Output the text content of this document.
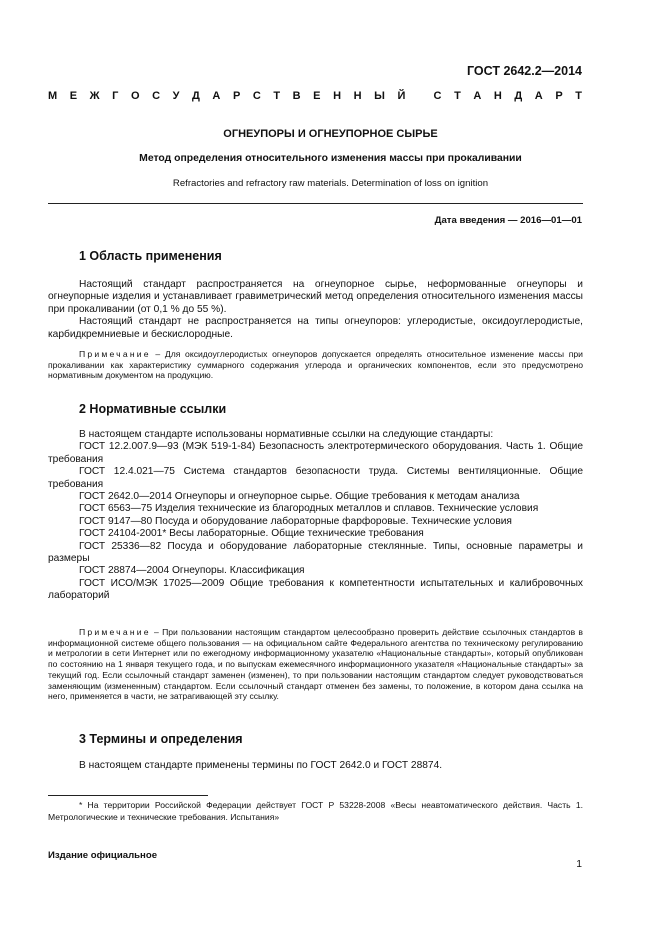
ГОСТ 2642.2—2014
М Е Ж Г О С У Д А Р С Т В Е Н Н Ы Й
	С Т А Н Д А Р Т
ОГНЕУПОРЫ И ОГНЕУПОРНОЕ СЫРЬЕ
Метод определения относительного изменения массы при прокаливании
Refractories and refractory raw materials. Determination of loss on ignition
Дата введения — 2016—01—01
1 Область применения

Настоящий стандарт распространяется на огнеупорное сырье, неформованные огнеупоры и огнеупорные изделия и устанавливает гравиметрический метод определения относительного изменения массы при прокаливании (от 0,1 % до 55 %).

Настоящий стандарт не распространяется на типы огнеупоров: углеродистые, оксидоуглеродистые, карбидкремниевые и бескислородные.

Примечание – Для оксидоуглеродистых огнеупоров допускается определять относительное изменение массы при прокаливании как характеристику суммарного содержания углерода и органических компонентов, если это предусмотрено нормативным документом на продукцию.

2 Нормативные ссылки

В настоящем стандарте использованы нормативные ссылки на следующие стандарты:

ГОСТ 12.2.007.9—93 (МЭК 519-1-84) Безопасность электротермического оборудования. Часть 1. Общие требования

ГОСТ 12.4.021—75 Система стандартов безопасности труда. Системы вентиляционные. Общие требования

ГОСТ 2642.0—2014 Огнеупоры и огнеупорное сырье. Общие требования к методам анализа

ГОСТ 6563—75 Изделия технические из благородных металлов и сплавов. Технические условия

ГОСТ 9147—80 Посуда и оборудование лабораторные фарфоровые. Технические условия

ГОСТ 24104-2001* Весы лабораторные. Общие технические требования

ГОСТ 25336—82 Посуда и оборудование лабораторные стеклянные. Типы, основные параметры и размеры

ГОСТ 28874—2004 Огнеупоры. Классификация

ГОСТ ИСО/МЭК 17025—2009 Общие требования к компетентности испытательных и калибровочных лабораторий

Примечание – При пользовании настоящим стандартом целесообразно проверить действие ссылочных стандартов в информационной системе общего пользования — на официальном сайте Федерального агентства по техническому регулированию и метрологии в сети Интернет или по ежегодному информационному указателю «Национальные стандарты», который опубликован по состоянию на 1 января текущего года, и по выпускам ежемесячного информационного указателя «Национальные стандарты» за текущий год. Если ссылочный стандарт заменен (изменен), то при пользовании настоящим стандартом следует руководствоваться заменяющим (измененным) стандартом. Если ссылочный стандарт отменен без замены, то положение, в котором дана ссылка на него, применяется в части, не затрагивающей эту ссылку.

3 Термины и определения

В настоящем стандарте применены термины по ГОСТ 2642.0 и ГОСТ 28874.

* На территории Российской Федерации действует ГОСТ Р 53228-2008 «Весы неавтоматического действия. Часть 1. Метрологические и технические требования. Испытания»

Издание официальное
1
